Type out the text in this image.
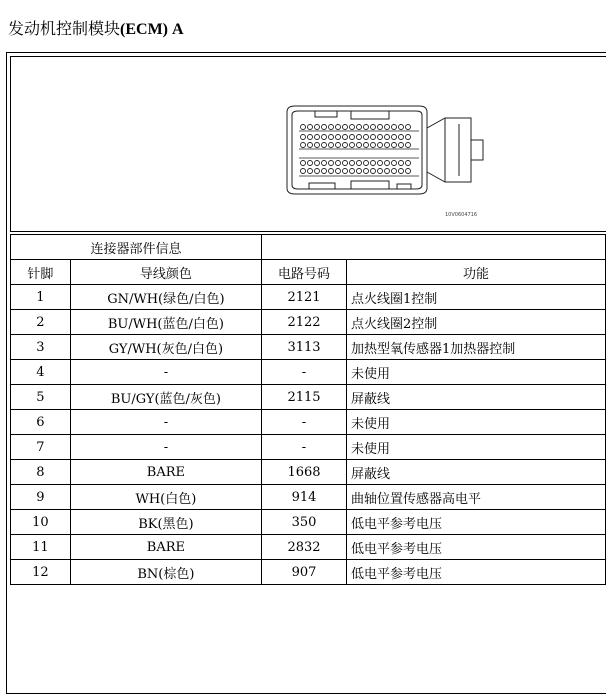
发动机控制模块(ECM) A
10V0604716
连接器部件信息			
针脚	导线颜色	电路号码	功能
1	GN/WH(绿色/白色)	2121	点火线圈1控制
2	BU/WH(蓝色/白色)	2122	点火线圈2控制
3	GY/WH(灰色/白色)	3113	加热型氧传感器1加热器控制
4	-	-	未使用
5	BU/GY(蓝色/灰色)	2115	屏蔽线
6	-	-	未使用
7	-	-	未使用
8	BARE	1668	屏蔽线
9	WH(白色)	914	曲轴位置传感器高电平
10	BK(黑色)	350	低电平参考电压
11	BARE	2832	低电平参考电压
12	BN(棕色)	907	低电平参考电压
